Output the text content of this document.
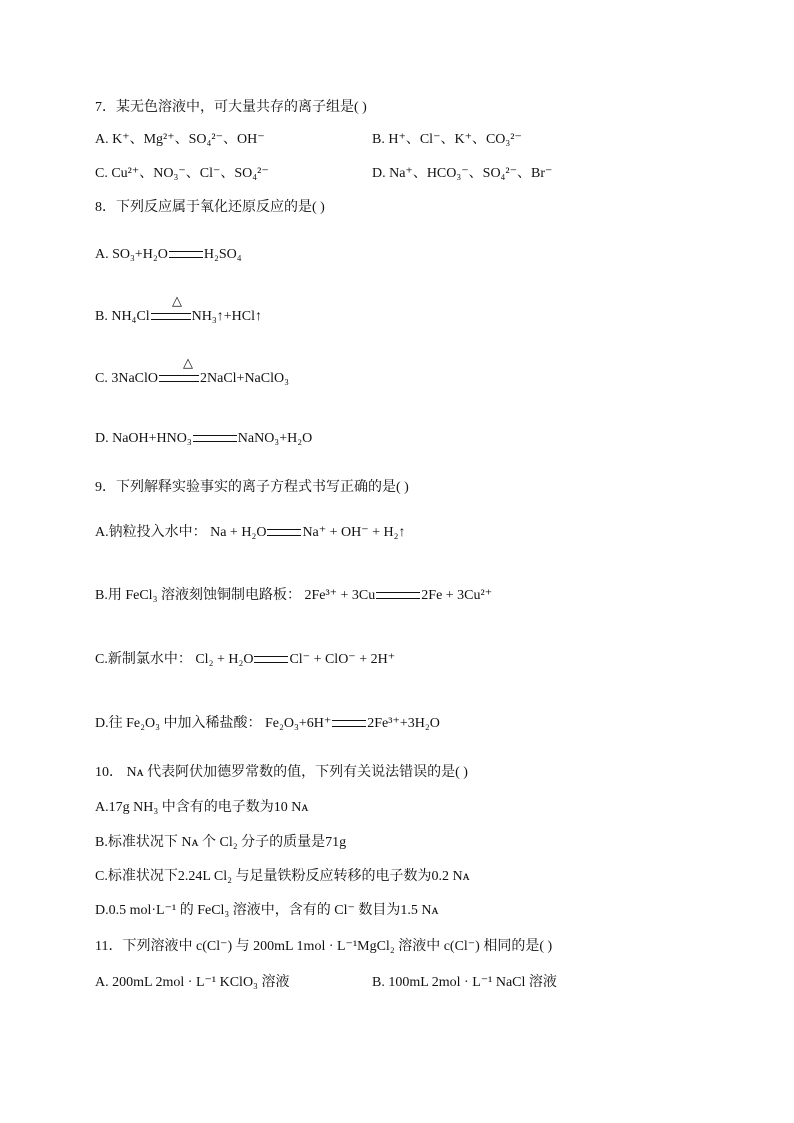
7．某无色溶液中，可大量共存的离子组是( )
A. K⁺、Mg²⁺、SO₄²⁻、OH⁻	B. H⁺、Cl⁻、K⁺、CO₃²⁻
C. Cu²⁺、NO₃⁻、Cl⁻、SO₄²⁻	D. Na⁺、HCO₃⁻、SO₄²⁻、Br⁻
8．下列反应属于氧化还原反应的是( )
A. SO₃+H₂O	H₂SO₄
△
B. NH₄Cl	NH₃↑+HCl↑
△
C. 3NaClO	2NaCl+NaClO₃
D. NaOH+HNO₃	NaNO₃+H₂O
9．下列解释实验事实的离子方程式书写正确的是( )
A.钠粒投入水中： Na + H₂O	Na⁺ + OH⁻ + H₂↑
B.用 FeCl₃ 溶液刻蚀铜制电路板： 2Fe³⁺ + 3Cu	2Fe + 3Cu²⁺
C.新制氯水中： Cl₂ + H₂O	Cl⁻ + ClO⁻ + 2H⁺
D.往 Fe₂O₃ 中加入稀盐酸： Fe₂O₃+6H⁺	2Fe³⁺+3H₂O
10． Nᴀ 代表阿伏加德罗常数的值，下列有关说法错误的是( )
A.17g NH₃ 中含有的电子数为10 Nᴀ
B.标准状况下 Nᴀ 个 Cl₂ 分子的质量是71g
C.标准状况下2.24L Cl₂ 与足量铁粉反应转移的电子数为0.2 Nᴀ
D.0.5 mol·L⁻¹ 的 FeCl₃ 溶液中，含有的 Cl⁻ 数目为1.5 Nᴀ
11．下列溶液中 c(Cl⁻) 与 200mL 1mol · L⁻¹MgCl₂ 溶液中 c(Cl⁻) 相同的是( )
A. 200mL 2mol · L⁻¹ KClO₃ 溶液	B. 100mL 2mol · L⁻¹ NaCl 溶液
